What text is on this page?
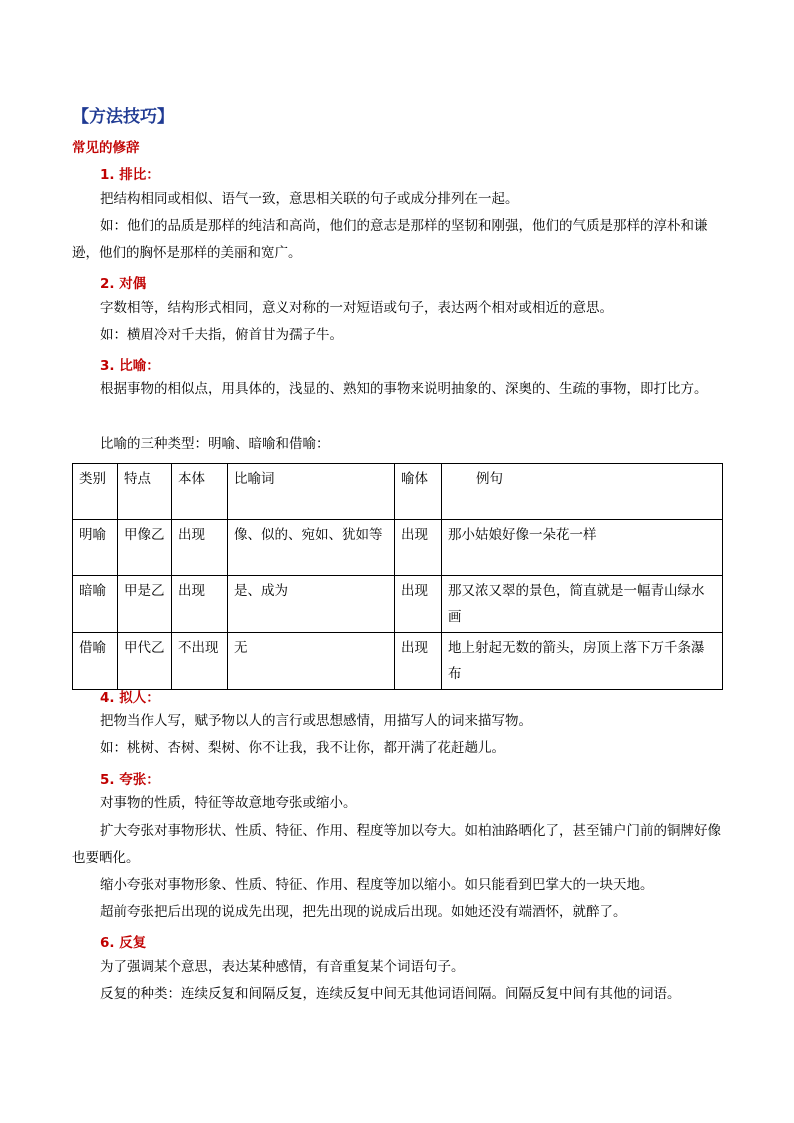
【方法技巧】
常见的修辞
1. 排比：
把结构相同或相似、语气一致，意思相关联的句子或成分排列在一起。
如：他们的品质是那样的纯洁和高尚，他们的意志是那样的坚韧和刚强，他们的气质是那样的淳朴和谦逊，他们的胸怀是那样的美丽和宽广。
2. 对偶
字数相等，结构形式相同，意义对称的一对短语或句子，表达两个相对或相近的意思。
如：横眉冷对千夫指，俯首甘为孺子牛。
3. 比喻：
根据事物的相似点，用具体的，浅显的、熟知的事物来说明抽象的、深奥的、生疏的事物，即打比方。
比喻的三种类型：明喻、暗喻和借喻：
类别	特点	本体	比喻词	喻体	例句
明喻	甲像乙	出现	像、似的、宛如、犹如等	出现	那小姑娘好像一朵花一样
暗喻	甲是乙	出现	是、成为	出现	那又浓又翠的景色，简直就是一幅青山绿水画
借喻	甲代乙	不出现	无	出现	地上射起无数的箭头，房顶上落下万千条瀑布
4. 拟人：
把物当作人写，赋予物以人的言行或思想感情，用描写人的词来描写物。
如：桃树、杏树、梨树、你不让我，我不让你，都开满了花赶趟儿。
5. 夸张：
对事物的性质，特征等故意地夸张或缩小。
扩大夸张对事物形状、性质、特征、作用、程度等加以夸大。如柏油路晒化了，甚至铺户门前的铜牌好像也要晒化。
缩小夸张对事物形象、性质、特征、作用、程度等加以缩小。如只能看到巴掌大的一块天地。
超前夸张把后出现的说成先出现，把先出现的说成后出现。如她还没有端酒怀，就醉了。
6. 反复
为了强调某个意思，表达某种感情，有音重复某个词语句子。
反复的种类：连续反复和间隔反复，连续反复中间无其他词语间隔。间隔反复中间有其他的词语。
